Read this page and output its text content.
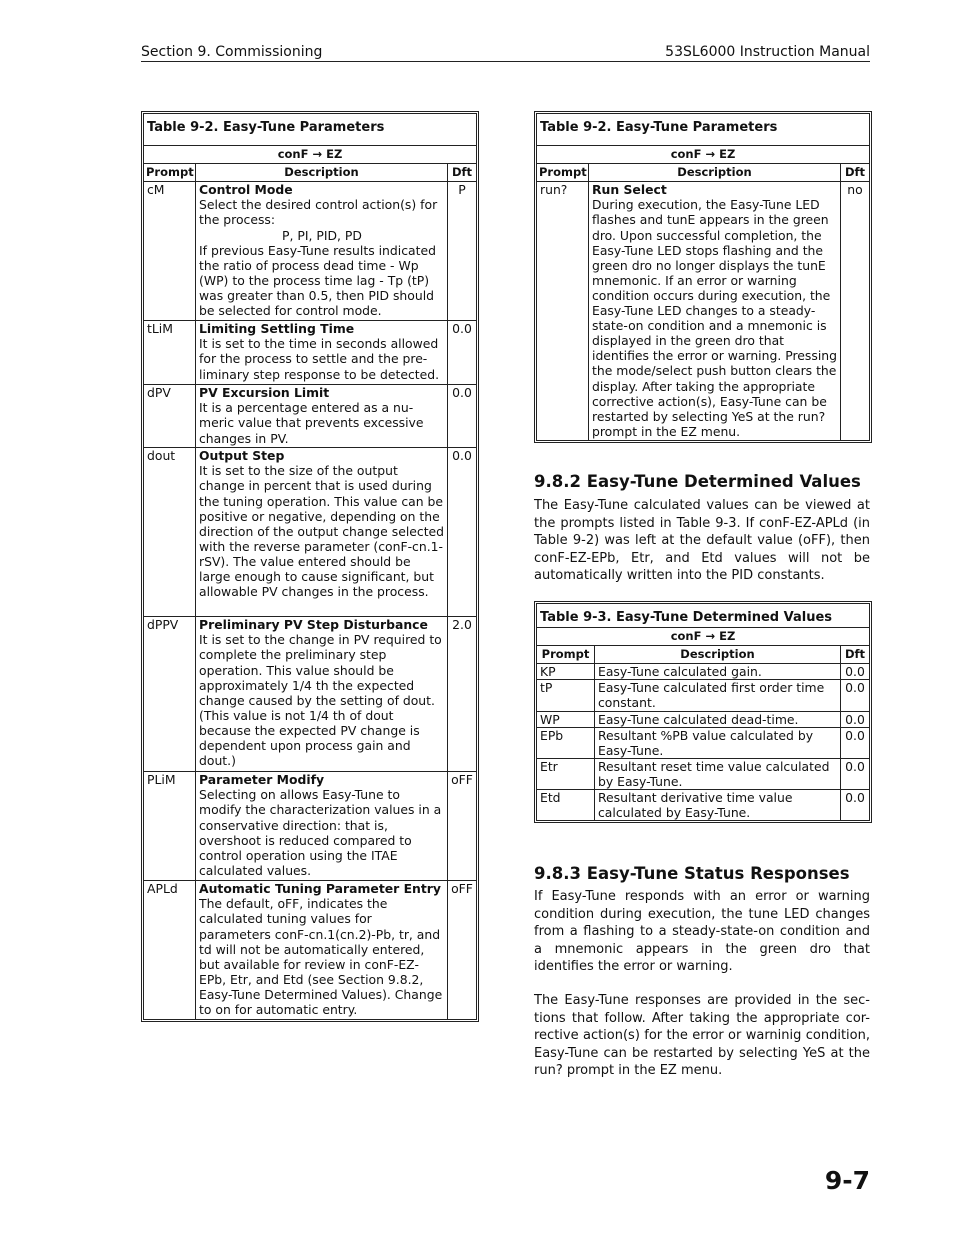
Section 9. Commissioning	53SL6000 Instruction Manual
Table 9-2. Easy-Tune Parameters		
conF → EZ		
Prompt	Description	Dft
cM	Control Mode
Select the desired control action(s) for the process:
P, PI, PID, PD
If previous Easy-Tune results indicated the ratio of process dead time - Wp (WP) to the process time lag - Tp (tP) was greater than 0.5, then PID should be selected for control mode.	P
tLiM	Limiting Settling Time
It is set to the time in seconds allowed for the process to settle and the pre-liminary step response to be detected.	0.0
dPV	PV Excursion Limit
It is a percentage entered as a nu-meric value that prevents excessive changes in PV.	0.0
dout	Output Step
It is set to the size of the output change in percent that is used during the tuning operation. This value can be positive or negative, depending on the direction of the output change selected with the reverse parameter (conF-cn.1-rSV). The value entered should be large enough to cause significant, but allowable PV changes in the process.	0.0
dPPV	Preliminary PV Step Disturbance
It is set to the change in PV required to complete the preliminary step operation. This value should be approximately 1/4 th the expected change caused by the setting of dout. (This value is not 1/4 th of dout because the expected PV change is dependent upon process gain and dout.)	2.0
PLiM	Parameter Modify
Selecting on allows Easy-Tune to modify the characterization values in a conservative direction: that is, overshoot is reduced compared to control operation using the ITAE calculated values.	oFF
APLd	Automatic Tuning Parameter Entry
The default, oFF, indicates the calculated tuning values for parameters conF-cn.1(cn.2)-Pb, tr, and td will not be automatically entered, but available for review in conF-EZ-EPb, Etr, and Etd (see Section 9.8.2, Easy-Tune Determined Values). Change to on for automatic entry.	oFF
Table 9-2. Easy-Tune Parameters		
conF → EZ		
Prompt	Description	Dft
run?	Run Select
During execution, the Easy-Tune LED flashes and tunE appears in the green dro. Upon successful completion, the Easy-Tune LED stops flashing and the green dro no longer displays the tunE mnemonic. If an error or warning condition occurs during execution, the Easy-Tune LED changes to a steady-state-on condition and a mnemonic is displayed in the green dro that identifies the error or warning. Pressing the mode/select push button clears the display. After taking the appropriate corrective action(s), Easy-Tune can be restarted by selecting YeS at the run? prompt in the EZ menu.	no
9.8.2 Easy-Tune Determined Values

The Easy-Tune calculated values can be viewed at the prompts listed in Table 9-3. If conF-EZ-APLd (in Table 9-2) was left at the default value (oFF), then conF-EZ-EPb, Etr, and Etd values will not be automatically written into the PID constants.

Table 9-3. Easy-Tune Determined Values		
conF → EZ		
Prompt	Description	Dft
KP	Easy-Tune calculated gain.	0.0
tP	Easy-Tune calculated first order time constant.	0.0
WP	Easy-Tune calculated dead-time.	0.0
EPb	Resultant %PB value calculated by Easy-Tune.	0.0
Etr	Resultant reset time value calculated by Easy-Tune.	0.0
Etd	Resultant derivative time value calculated by Easy-Tune.	0.0
9.8.3 Easy-Tune Status Responses

If Easy-Tune responds with an error or warning condition during execution, the tune LED changes from a flashing to a steady-state-on condition and a mnemonic appears in the green dro that identifies the error or warning.

The Easy-Tune responses are provided in the sec-tions that follow. After taking the appropriate cor-rective action(s) for the error or warninig condition, Easy-Tune can be restarted by selecting YeS at the run? prompt in the EZ menu.

9-7
